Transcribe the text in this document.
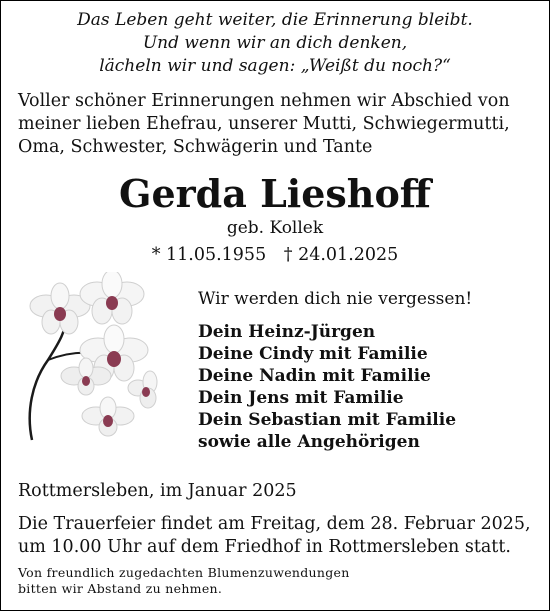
Das Leben geht weiter, die Erinnerung bleibt.
Und wenn wir an dich denken,
lächeln wir und sagen: „Weißt du noch?“
Voller schöner Erinnerungen nehmen wir Abschied von
meiner lieben Ehefrau, unserer Mutti, Schwiegermutti,
Oma, Schwester, Schwägerin und Tante
Gerda Lieshoff
geb. Kollek
* 11.05.1955 † 24.01.2025
Wir werden dich nie vergessen!
Dein Heinz-Jürgen
Deine Cindy mit Familie
Deine Nadin mit Familie
Dein Jens mit Familie
Dein Sebastian mit Familie
sowie alle Angehörigen
Rottmersleben, im Januar 2025
Die Trauerfeier findet am Freitag, dem 28. Februar 2025,
um 10.00 Uhr auf dem Friedhof in Rottmersleben statt.
Von freundlich zugedachten Blumenzuwendungen
bitten wir Abstand zu nehmen.
